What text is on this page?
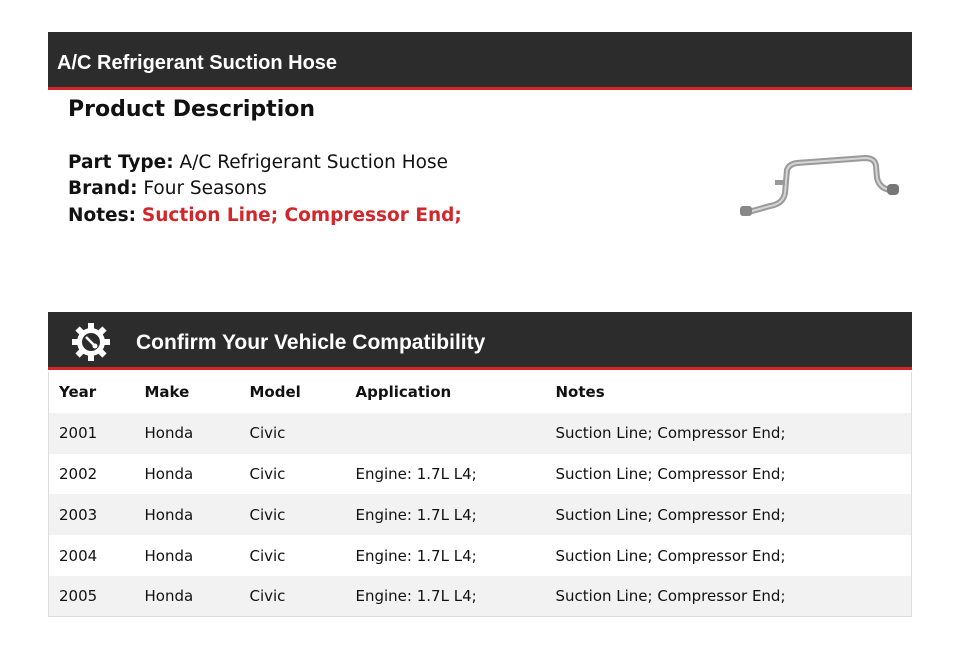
A/C Refrigerant Suction Hose
Product Description
Part Type: A/C Refrigerant Suction Hose
Brand: Four Seasons
Notes: Suction Line; Compressor End;
Confirm Your Vehicle Compatibility
Year	Make	Model	Application	Notes
2001	Honda	Civic		Suction Line; Compressor End;
2002	Honda	Civic	Engine: 1.7L L4;	Suction Line; Compressor End;
2003	Honda	Civic	Engine: 1.7L L4;	Suction Line; Compressor End;
2004	Honda	Civic	Engine: 1.7L L4;	Suction Line; Compressor End;
2005	Honda	Civic	Engine: 1.7L L4;	Suction Line; Compressor End;
